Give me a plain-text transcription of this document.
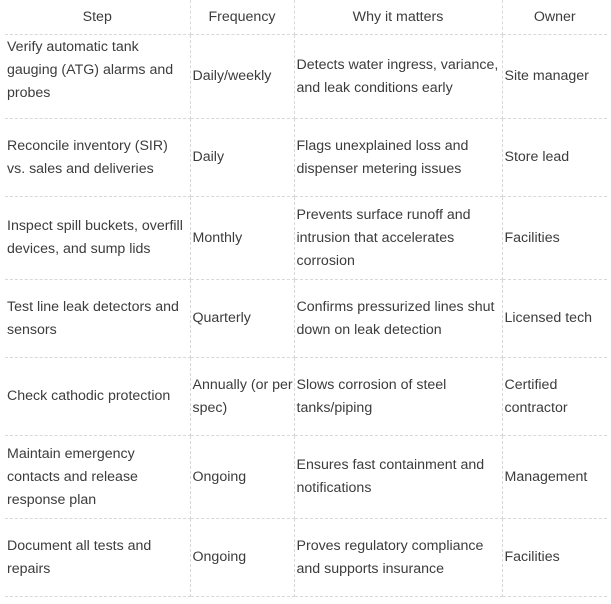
Step	Frequency	Why it matters	Owner
Verify automatic tank gauging (ATG) alarms and probes	Daily/weekly	Detects water ingress, variance, and leak conditions early	Site manager
Reconcile inventory (SIR) vs. sales and deliveries	Daily	Flags unexplained loss and dispenser metering issues	Store lead
Inspect spill buckets, overfill devices, and sump lids	Monthly	Prevents surface runoff and intrusion that accelerates corrosion	Facilities
Test line leak detectors and sensors	Quarterly	Confirms pressurized lines shut down on leak detection	Licensed tech
Check cathodic protection	Annually (or per spec)	Slows corrosion of steel tanks/piping	Certified contractor
Maintain emergency contacts and release response plan	Ongoing	Ensures fast containment and notifications	Management
Document all tests and repairs	Ongoing	Proves regulatory compliance and supports insurance	Facilities
